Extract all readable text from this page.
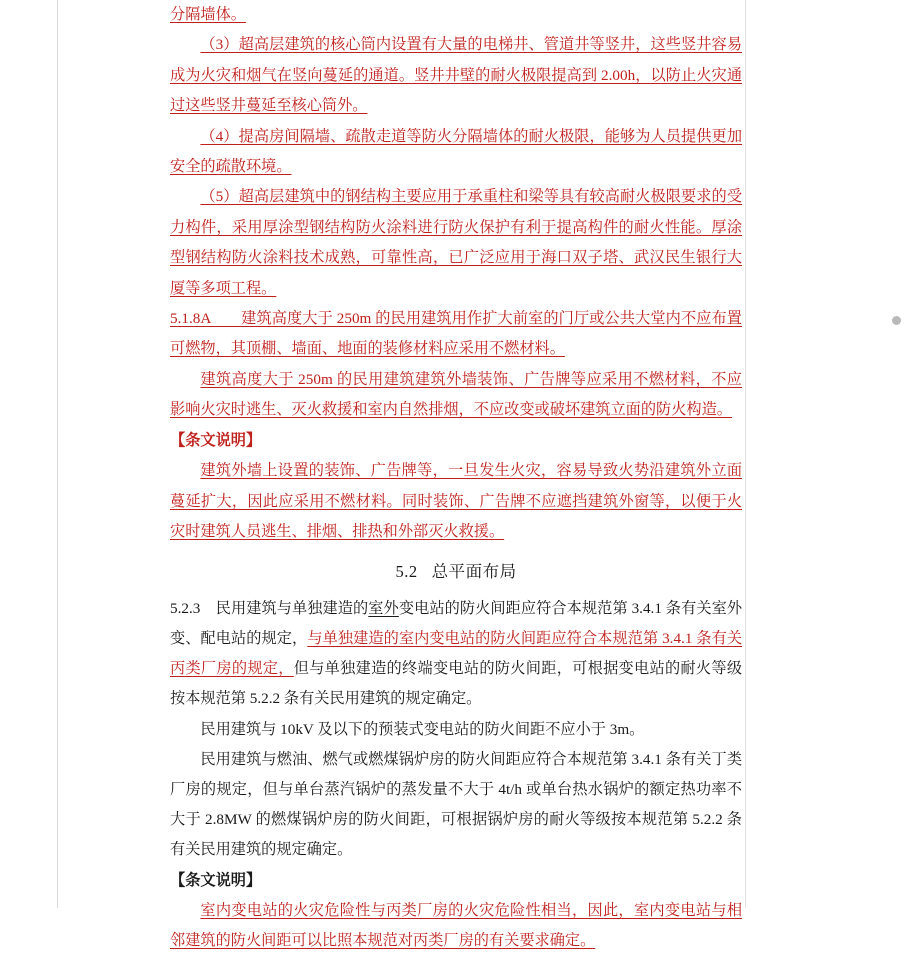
分隔墙体。

（3）超高层建筑的核心筒内设置有大量的电梯井、管道井等竖井，这些竖井容易成为火灾和烟气在竖向蔓延的通道。竖井井壁的耐火极限提高到 2.00h，以防止火灾通过这些竖井蔓延至核心筒外。

（4）提高房间隔墙、疏散走道等防火分隔墙体的耐火极限，能够为人员提供更加安全的疏散环境。

（5）超高层建筑中的钢结构主要应用于承重柱和梁等具有较高耐火极限要求的受力构件，采用厚涂型钢结构防火涂料进行防火保护有利于提高构件的耐火性能。厚涂型钢结构防火涂料技术成熟，可靠性高，已广泛应用于海口双子塔、武汉民生银行大厦等多项工程。

5.1.8A　　建筑高度大于 250m 的民用建筑用作扩大前室的门厅或公共大堂内不应布置可燃物，其顶棚、墙面、地面的装修材料应采用不燃材料。

建筑高度大于 250m 的民用建筑建筑外墙装饰、广告牌等应采用不燃材料，不应影响火灾时逃生、灭火救援和室内自然排烟，不应改变或破坏建筑立面的防火构造。

【条文说明】

建筑外墙上设置的装饰、广告牌等，一旦发生火灾，容易导致火势沿建筑外立面蔓延扩大，因此应采用不燃材料。同时装饰、广告牌不应遮挡建筑外窗等，以便于火灾时建筑人员逃生、排烟、排热和外部灭火救援。

5.2 总平面布局

5.2.3　民用建筑与单独建造的室外变电站的防火间距应符合本规范第 3.4.1 条有关室外变、配电站的规定，与单独建造的室内变电站的防火间距应符合本规范第 3.4.1 条有关丙类厂房的规定，但与单独建造的终端变电站的防火间距，可根据变电站的耐火等级按本规范第 5.2.2 条有关民用建筑的规定确定。

民用建筑与 10kV 及以下的预装式变电站的防火间距不应小于 3m。

民用建筑与燃油、燃气或燃煤锅炉房的防火间距应符合本规范第 3.4.1 条有关丁类厂房的规定，但与单台蒸汽锅炉的蒸发量不大于 4t/h 或单台热水锅炉的额定热功率不大于 2.8MW 的燃煤锅炉房的防火间距，可根据锅炉房的耐火等级按本规范第 5.2.2 条有关民用建筑的规定确定。

【条文说明】

室内变电站的火灾危险性与丙类厂房的火灾危险性相当，因此，室内变电站与相邻建筑的防火间距可以比照本规范对丙类厂房的有关要求确定。
